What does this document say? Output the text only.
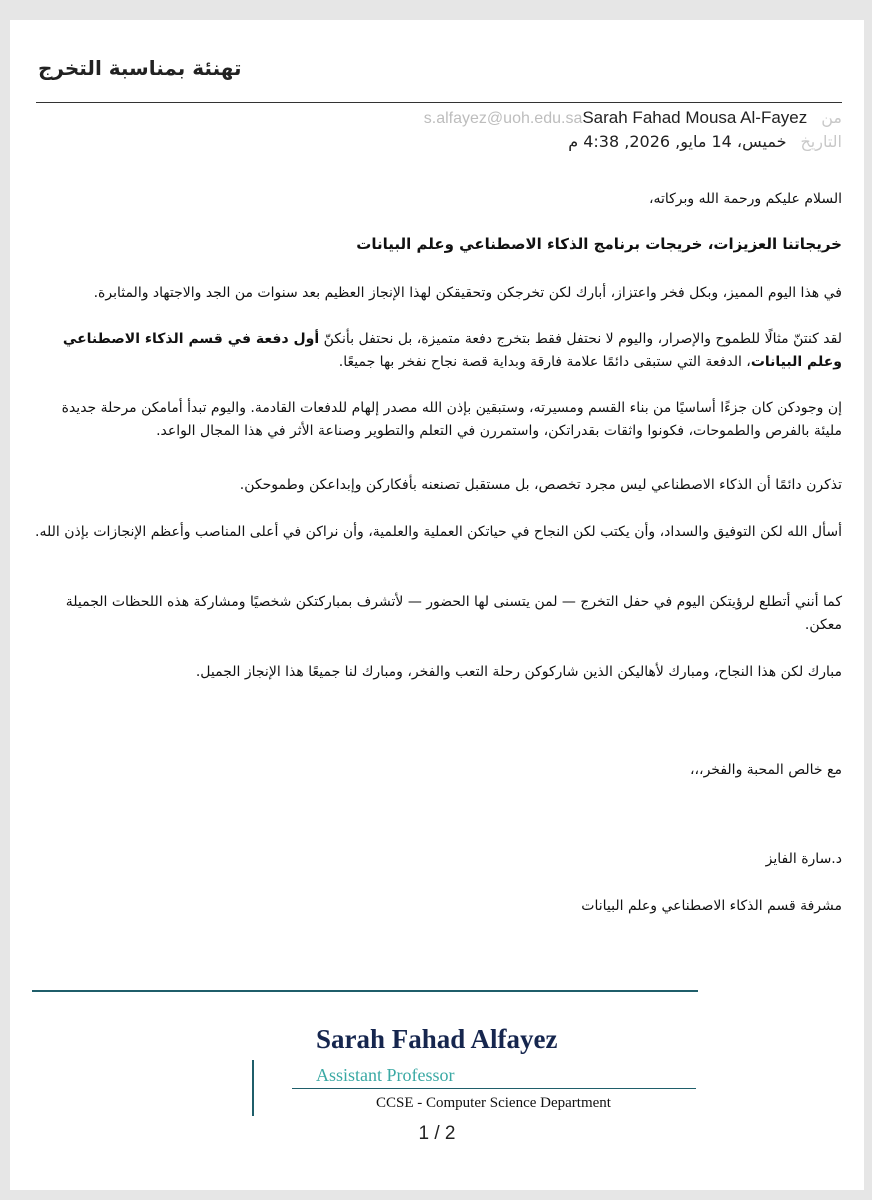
تهنئة بمناسبة التخرج
من
Sarah Fahad Mousa Al-Fayez
s.alfayez@uoh.edu.sa
التاريخ
خميس، 14 مايو, 2026, 4:38 م

السلام عليكم ورحمة الله وبركاته،

خريجاتنا العزيزات، خريجات برنامج الذكاء الاصطناعي وعلم البيانات

في هذا اليوم المميز، وبكل فخر واعتزاز، أبارك لكن تخرجكن وتحقيقكن لهذا الإنجاز العظيم بعد سنوات من الجد والاجتهاد والمثابرة.

لقد كنتنّ مثالًا للطموح والإصرار، واليوم لا نحتفل فقط بتخرج دفعة متميزة، بل نحتفل بأنكنّ أول دفعة في قسم الذكاء الاصطناعي وعلم البيانات، الدفعة التي ستبقى دائمًا علامة فارقة وبداية قصة نجاح نفخر بها جميعًا.

إن وجودكن كان جزءًا أساسيًا من بناء القسم ومسيرته، وستبقين بإذن الله مصدر إلهام للدفعات القادمة. واليوم تبدأ أمامكن مرحلة جديدة مليئة بالفرص والطموحات، فكونوا واثقات بقدراتكن، واستمررن في التعلم والتطوير وصناعة الأثر في هذا المجال الواعد.

تذكرن دائمًا أن الذكاء الاصطناعي ليس مجرد تخصص، بل مستقبل تصنعنه بأفكاركن وإبداعكن وطموحكن.

أسأل الله لكن التوفيق والسداد، وأن يكتب لكن النجاح في حياتكن العملية والعلمية، وأن نراكن في أعلى المناصب وأعظم الإنجازات بإذن الله.

كما أنني أتطلع لرؤيتكن اليوم في حفل التخرج — لمن يتسنى لها الحضور — لأتشرف بمباركتكن شخصيًا ومشاركة هذه اللحظات الجميلة معكن.

مبارك لكن هذا النجاح، ومبارك لأهاليكن الذين شاركوكن رحلة التعب والفخر، ومبارك لنا جميعًا هذا الإنجاز الجميل.

مع خالص المحبة والفخر،،،

د.سارة الفايز

مشرفة قسم الذكاء الاصطناعي وعلم البيانات

Sarah Fahad Alfayez
Assistant Professor
CCSE - Computer Science Department
1 / 2
